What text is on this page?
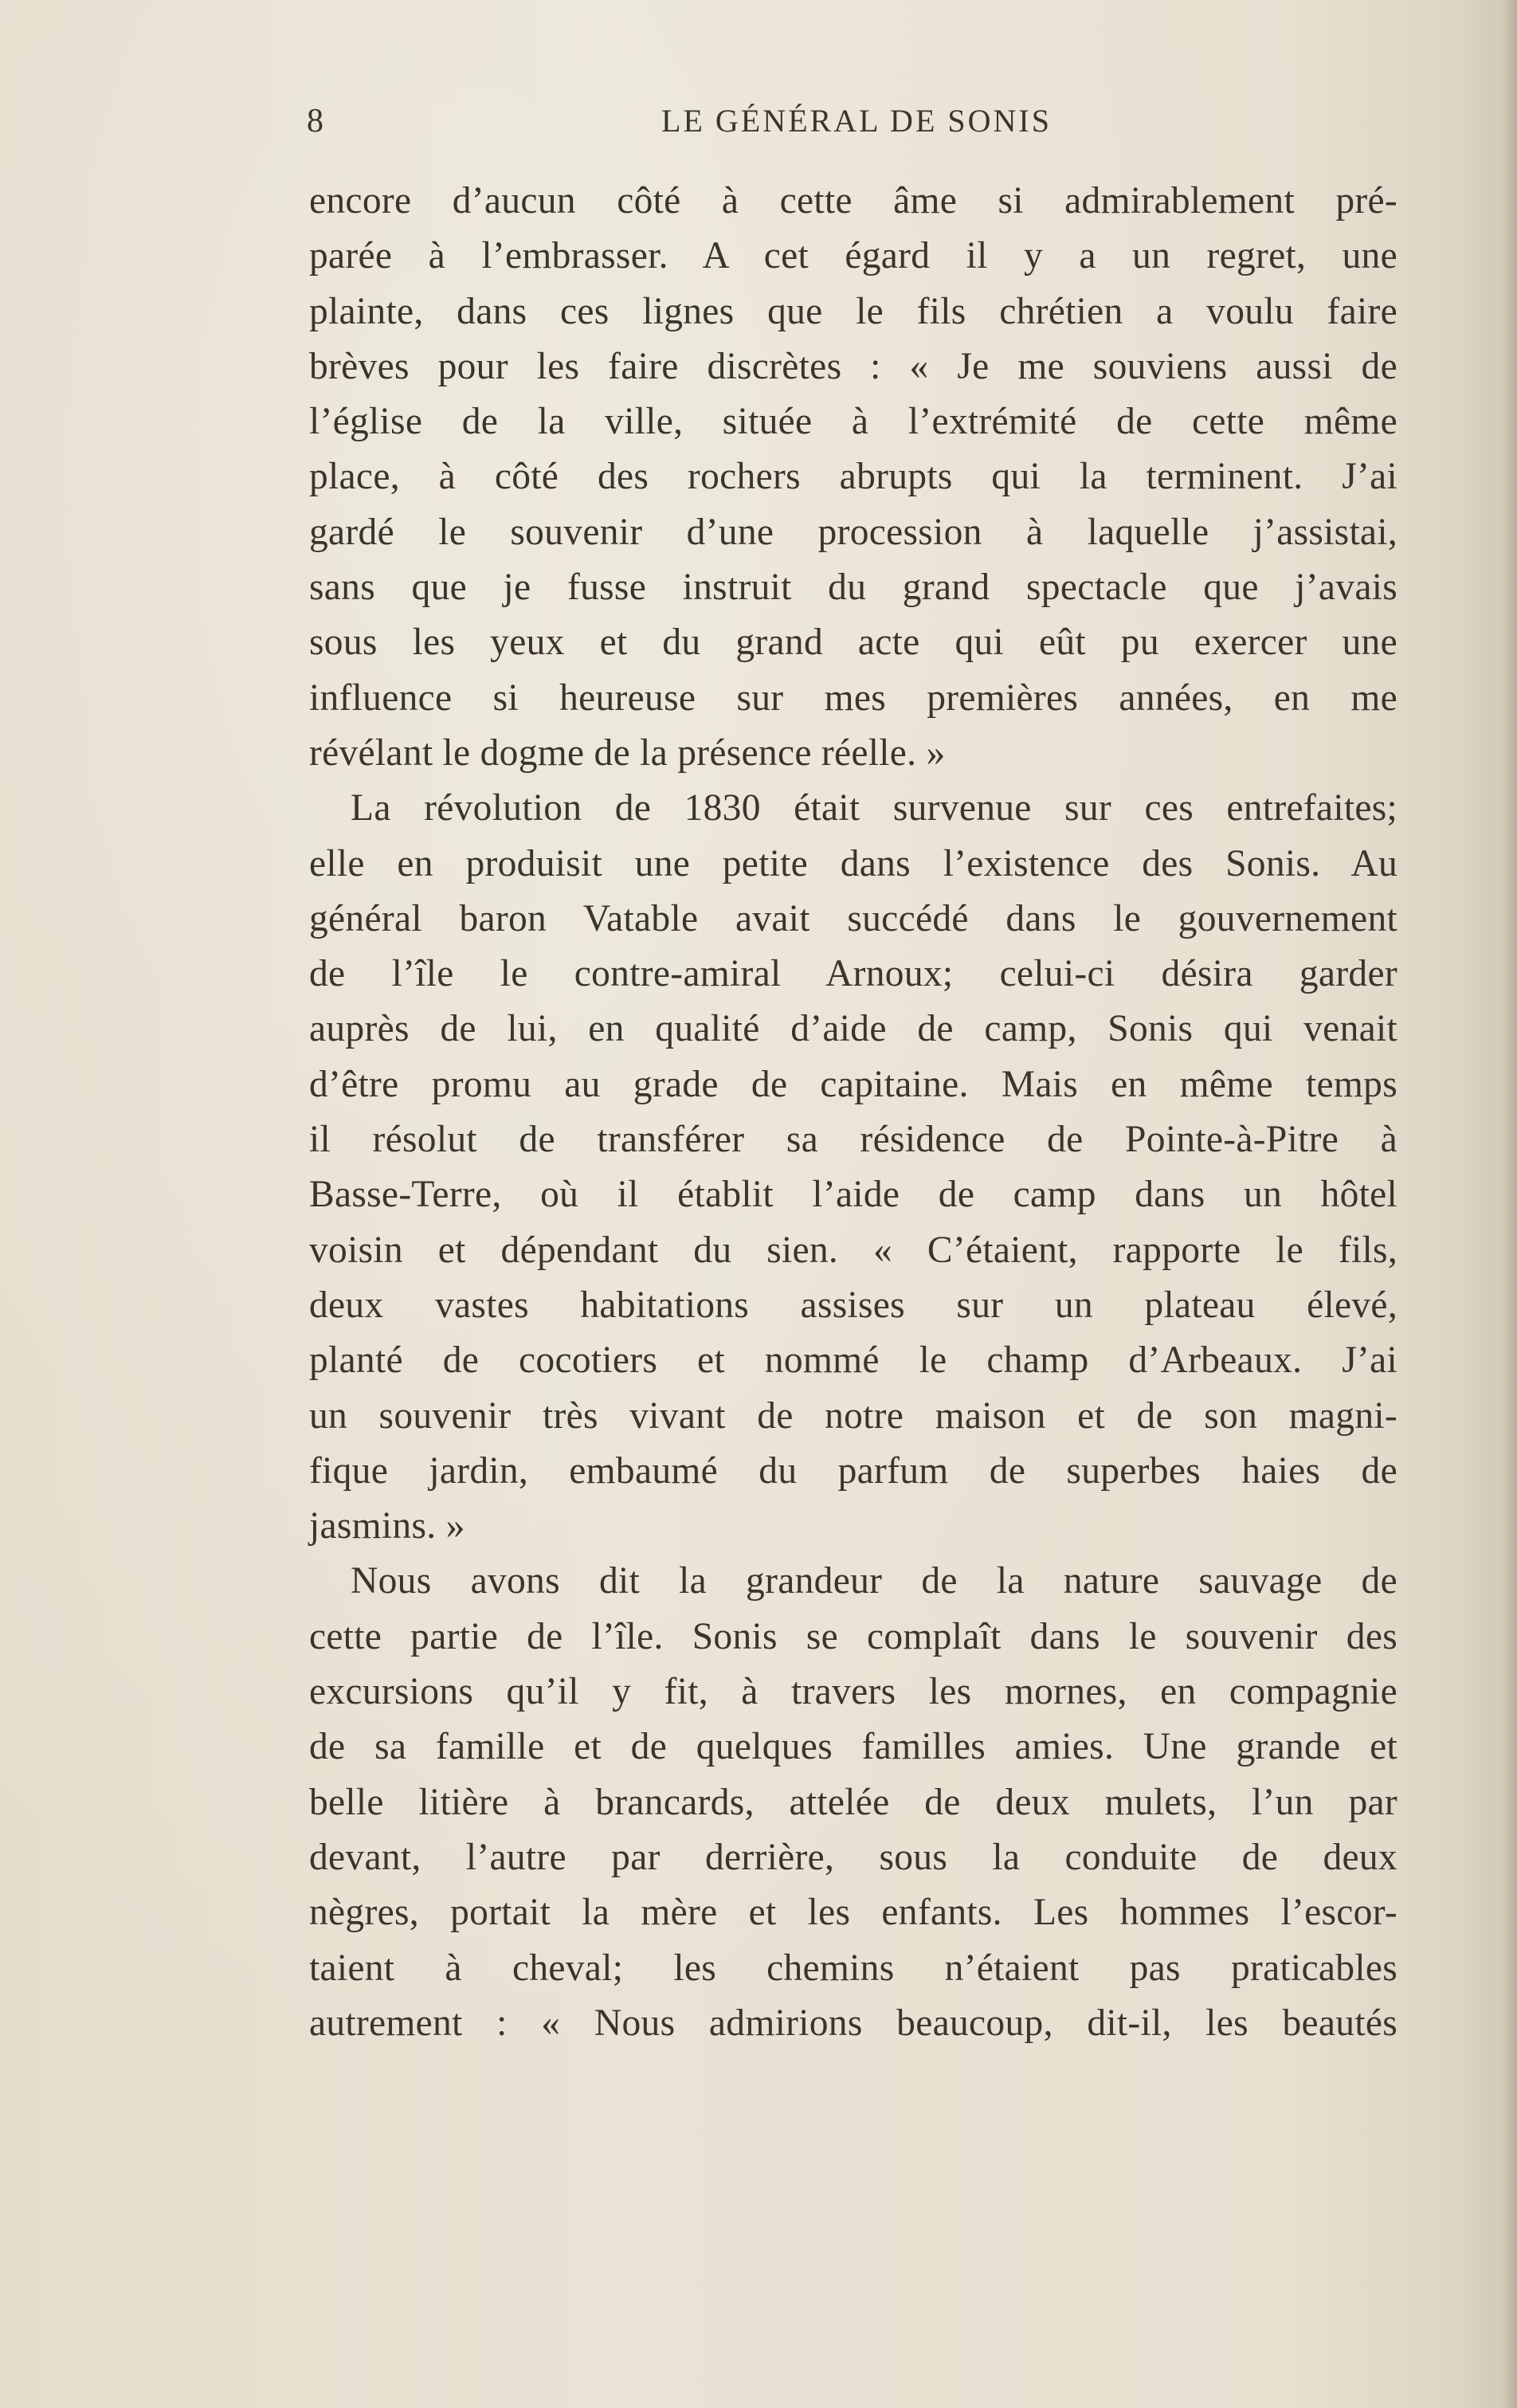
8	LE GÉNÉRAL DE SONIS
encore d’aucun côté à cette âme si admirablement pré-
parée à l’embrasser. A cet égard il y a un regret, une
plainte, dans ces lignes que le fils chrétien a voulu faire
brèves pour les faire discrètes : « Je me souviens aussi de
l’église de la ville, située à l’extrémité de cette même
place, à côté des rochers abrupts qui la terminent. J’ai
gardé le souvenir d’une procession à laquelle j’assistai,
sans que je fusse instruit du grand spectacle que j’avais
sous les yeux et du grand acte qui eût pu exercer une
influence si heureuse sur mes premières années, en me
révélant le dogme de la présence réelle. »
La révolution de 1830 était survenue sur ces entrefaites;
elle en produisit une petite dans l’existence des Sonis. Au
général baron Vatable avait succédé dans le gouvernement
de l’île le contre-amiral Arnoux; celui-ci désira garder
auprès de lui, en qualité d’aide de camp, Sonis qui venait
d’être promu au grade de capitaine. Mais en même temps
il résolut de transférer sa résidence de Pointe-à-Pitre à
Basse-Terre, où il établit l’aide de camp dans un hôtel
voisin et dépendant du sien. « C’étaient, rapporte le fils,
deux vastes habitations assises sur un plateau élevé,
planté de cocotiers et nommé le champ d’Arbeaux. J’ai
un souvenir très vivant de notre maison et de son magni-
fique jardin, embaumé du parfum de superbes haies de
jasmins. »
Nous avons dit la grandeur de la nature sauvage de
cette partie de l’île. Sonis se complaît dans le souvenir des
excursions qu’il y fit, à travers les mornes, en compagnie
de sa famille et de quelques familles amies. Une grande et
belle litière à brancards, attelée de deux mulets, l’un par
devant, l’autre par derrière, sous la conduite de deux
nègres, portait la mère et les enfants. Les hommes l’escor-
taient à cheval; les chemins n’étaient pas praticables
autrement : « Nous admirions beaucoup, dit-il, les beautés
